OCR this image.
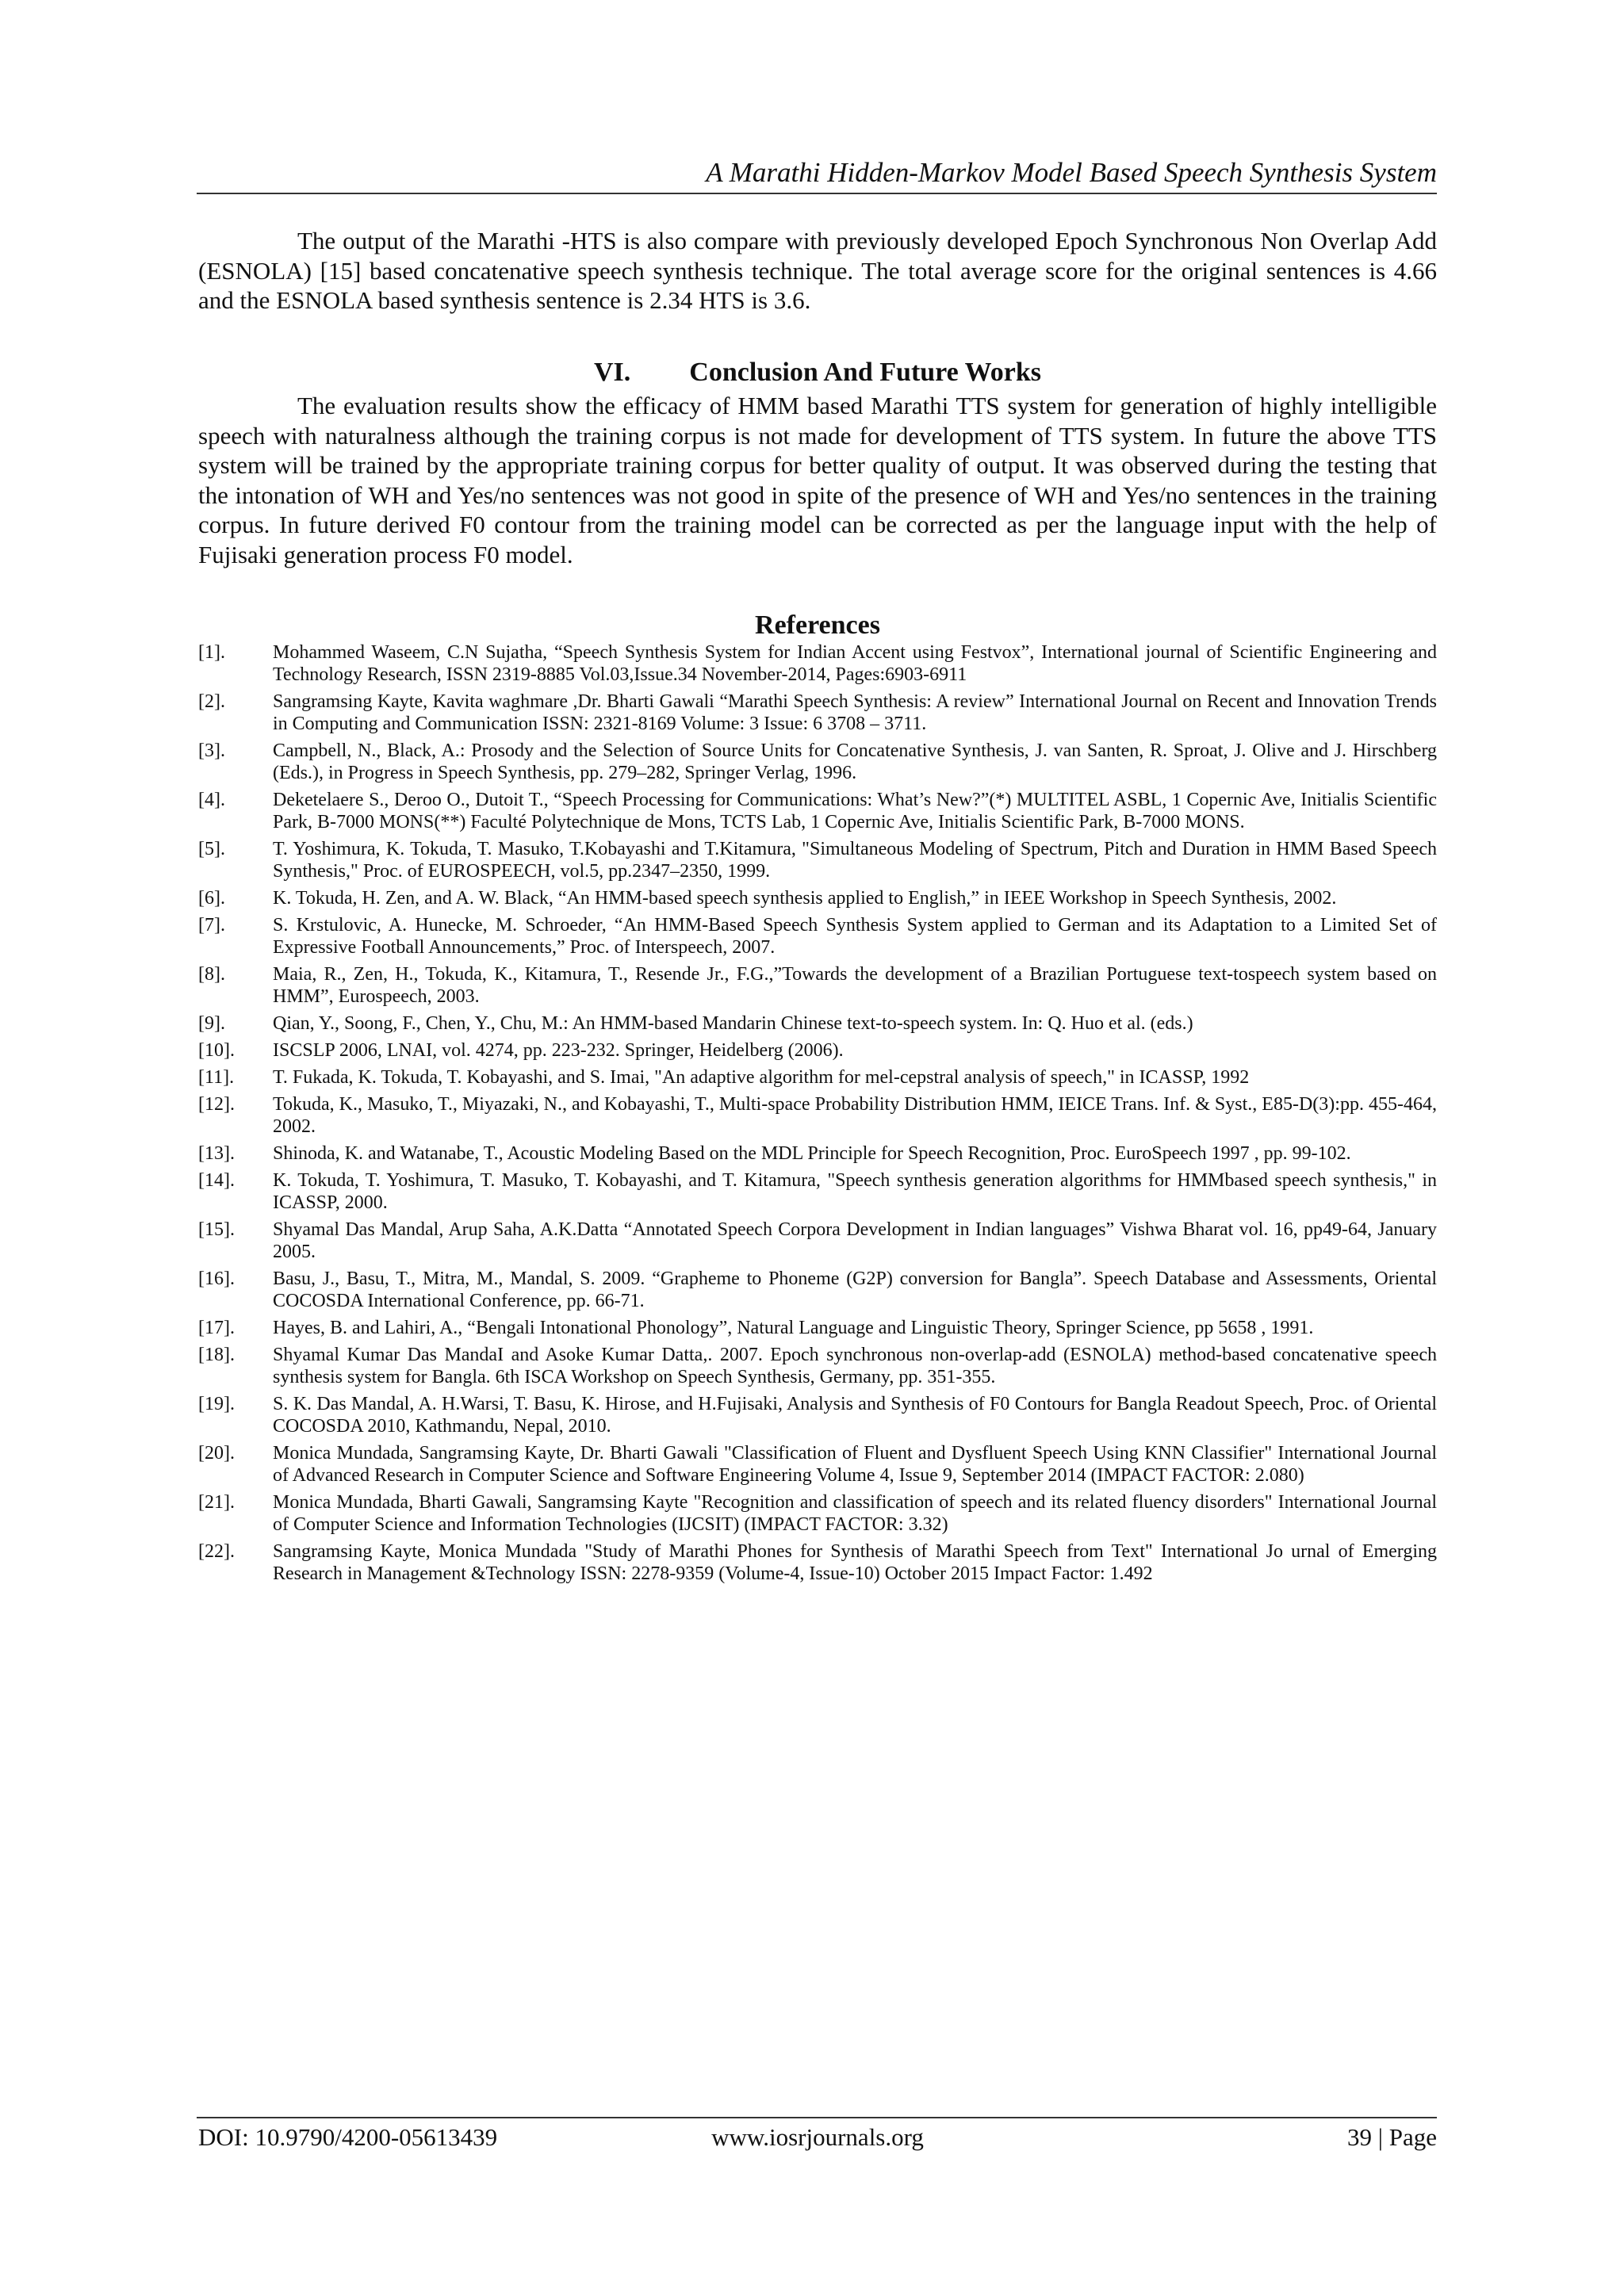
A Marathi Hidden-Markov Model Based Speech Synthesis System

The output of the Marathi -HTS is also compare with previously developed Epoch Synchronous Non Overlap Add (ESNOLA) [15] based concatenative speech synthesis technique. The total average score for the original sentences is 4.66 and the ESNOLA based synthesis sentence is 2.34 HTS is 3.6.

VI. Conclusion And Future Works

The evaluation results show the efficacy of HMM based Marathi TTS system for generation of highly intelligible speech with naturalness although the training corpus is not made for development of TTS system. In future the above TTS system will be trained by the appropriate training corpus for better quality of output. It was observed during the testing that the intonation of WH and Yes/no sentences was not good in spite of the presence of WH and Yes/no sentences in the training corpus. In future derived F0 contour from the training model can be corrected as per the language input with the help of Fujisaki generation process F0 model.

References
[1].	Mohammed Waseem, C.N Sujatha, “Speech Synthesis System for Indian Accent using Festvox”, International journal of Scientific Engineering and Technology Research, ISSN 2319-8885 Vol.03,Issue.34 November-2014, Pages:6903-6911
[2].	Sangramsing Kayte, Kavita waghmare ,Dr. Bharti Gawali “Marathi Speech Synthesis: A review” International Journal on Recent and Innovation Trends in Computing and Communication ISSN: 2321-8169 Volume: 3 Issue: 6 3708 – 3711.
[3].	Campbell, N., Black, A.: Prosody and the Selection of Source Units for Concatenative Synthesis, J. van Santen, R. Sproat, J. Olive and J. Hirschberg (Eds.), in Progress in Speech Synthesis, pp. 279–282, Springer Verlag, 1996.
[4].	Deketelaere S., Deroo O., Dutoit T., “Speech Processing for Communications: What’s New?”(*) MULTITEL ASBL, 1 Copernic Ave, Initialis Scientific Park, B-7000 MONS(**) Faculté Polytechnique de Mons, TCTS Lab, 1 Copernic Ave, Initialis Scientific Park, B-7000 MONS.
[5].	T. Yoshimura, K. Tokuda, T. Masuko, T.Kobayashi and T.Kitamura, "Simultaneous Modeling of Spectrum, Pitch and Duration in HMM Based Speech Synthesis," Proc. of EUROSPEECH, vol.5, pp.2347–2350, 1999.
[6].	K. Tokuda, H. Zen, and A. W. Black, “An HMM-based speech synthesis applied to English,” in IEEE Workshop in Speech Synthesis, 2002.
[7].	S. Krstulovic, A. Hunecke, M. Schroeder, “An HMM-Based Speech Synthesis System applied to German and its Adaptation to a Limited Set of Expressive Football Announcements,” Proc. of Interspeech, 2007.
[8].	Maia, R., Zen, H., Tokuda, K., Kitamura, T., Resende Jr., F.G.,”Towards the development of a Brazilian Portuguese text-tospeech system based on HMM”, Eurospeech, 2003.
[9].	Qian, Y., Soong, F., Chen, Y., Chu, M.: An HMM-based Mandarin Chinese text-to-speech system. In: Q. Huo et al. (eds.)
[10].	ISCSLP 2006, LNAI, vol. 4274, pp. 223-232. Springer, Heidelberg (2006).
[11].	T. Fukada, K. Tokuda, T. Kobayashi, and S. Imai, "An adaptive algorithm for mel-cepstral analysis of speech," in ICASSP, 1992
[12].	Tokuda, K., Masuko, T., Miyazaki, N., and Kobayashi, T., Multi-space Probability Distribution HMM, IEICE Trans. Inf. & Syst., E85-D(3):pp. 455-464, 2002.
[13].	Shinoda, K. and Watanabe, T., Acoustic Modeling Based on the MDL Principle for Speech Recognition, Proc. EuroSpeech 1997 , pp. 99-102.
[14].	K. Tokuda, T. Yoshimura, T. Masuko, T. Kobayashi, and T. Kitamura, "Speech synthesis generation algorithms for HMMbased speech synthesis," in ICASSP, 2000.
[15].	Shyamal Das Mandal, Arup Saha, A.K.Datta “Annotated Speech Corpora Development in Indian languages” Vishwa Bharat vol. 16, pp49-64, January 2005.
[16].	Basu, J., Basu, T., Mitra, M., Mandal, S. 2009. “Grapheme to Phoneme (G2P) conversion for Bangla”. Speech Database and Assessments, Oriental COCOSDA International Conference, pp. 66-71.
[17].	Hayes, B. and Lahiri, A., “Bengali Intonational Phonology”, Natural Language and Linguistic Theory, Springer Science, pp 5658 , 1991.
[18].	Shyamal Kumar Das MandaI and Asoke Kumar Datta,. 2007. Epoch synchronous non-overlap-add (ESNOLA) method-based concatenative speech synthesis system for Bangla. 6th ISCA Workshop on Speech Synthesis, Germany, pp. 351-355.
[19].	S. K. Das Mandal, A. H.Warsi, T. Basu, K. Hirose, and H.Fujisaki, Analysis and Synthesis of F0 Contours for Bangla Readout Speech, Proc. of Oriental COCOSDA 2010, Kathmandu, Nepal, 2010.
[20].	Monica Mundada, Sangramsing Kayte, Dr. Bharti Gawali "Classification of Fluent and Dysfluent Speech Using KNN Classifier" International Journal of Advanced Research in Computer Science and Software Engineering Volume 4, Issue 9, September 2014 (IMPACT FACTOR: 2.080)
[21].	Monica Mundada, Bharti Gawali, Sangramsing Kayte "Recognition and classification of speech and its related fluency disorders" International Journal of Computer Science and Information Technologies (IJCSIT) (IMPACT FACTOR: 3.32)
[22].	Sangramsing Kayte, Monica Mundada "Study of Marathi Phones for Synthesis of Marathi Speech from Text" International Jo urnal of Emerging Research in Management &Technology ISSN: 2278-9359 (Volume-4, Issue-10) October 2015 Impact Factor: 1.492
DOI: 10.9790/4200-05613439	www.iosrjournals.org	39 | Page
